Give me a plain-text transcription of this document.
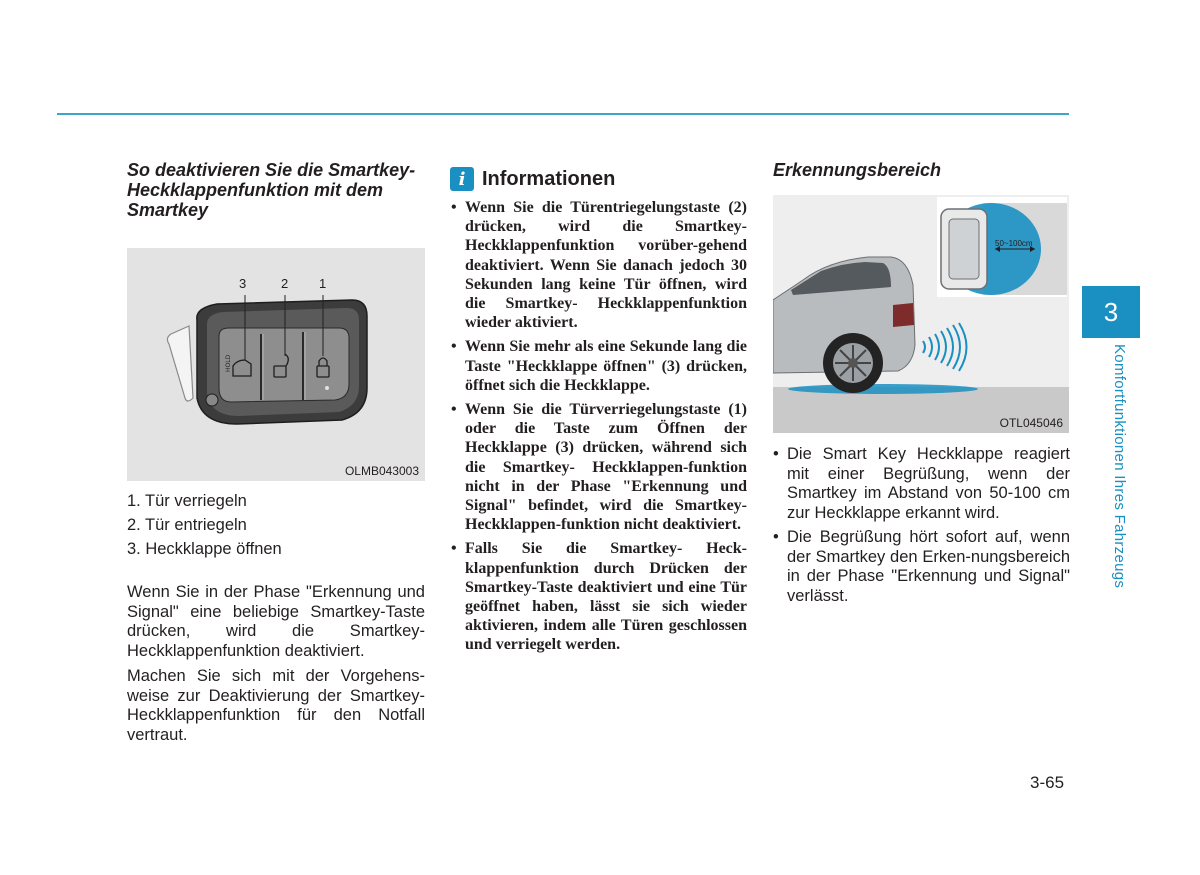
So deaktivieren Sie die Smartkey- Heckklappenfunktion mit dem Smartkey
HOLD
3	2 1
OLMB043003
1. Tür verriegeln
2. Tür entriegeln
3. Heckklappe öffnen

Wenn Sie in der Phase "Erkennung und Signal" eine beliebige Smartkey-Taste drücken, wird die Smartkey-Heckklappenfunktion deaktiviert.

Machen Sie sich mit der Vorgehens-weise zur Deaktivierung der Smartkey- Heckklappenfunktion für den Notfall vertraut.

i Informationen
• Wenn Sie die Türentriegelungstaste (2) drücken, wird die Smartkey-Heckklappenfunktion vorüber-gehend deaktiviert. Wenn Sie danach jedoch 30 Sekunden lang keine Tür öffnen, wird die Smartkey- Heckklappenfunktion wieder aktiviert.
• Wenn Sie mehr als eine Sekunde lang die Taste "Heckklappe öffnen" (3) drücken, öffnet sich die Heckklappe.
• Wenn Sie die Türverriegelungstaste (1) oder die Taste zum Öffnen der Heckklappe (3) drücken, während sich die Smartkey- Heckklappen-funktion nicht in der Phase "Erkennung und Signal" befindet, wird die Smartkey- Heckklappen-funktion nicht deaktiviert.
• Falls Sie die Smartkey- Heck-klappenfunktion durch Drücken der Smartkey-Taste deaktiviert und eine Tür geöffnet haben, lässt sie sich wieder aktivieren, indem alle Türen geschlossen und verriegelt werden.
Erkennungsbereich
50~100cm
OTL045046
• Die Smart Key Heckklappe reagiert mit einer Begrüßung, wenn der Smartkey im Abstand von 50-100 cm zur Heckklappe erkannt wird.
• Die Begrüßung hört sofort auf, wenn der Smartkey den Erken-nungsbereich in der Phase "Erkennung und Signal" verlässt.
3
Komfortfunktionen Ihres Fahrzeugs
3-65
